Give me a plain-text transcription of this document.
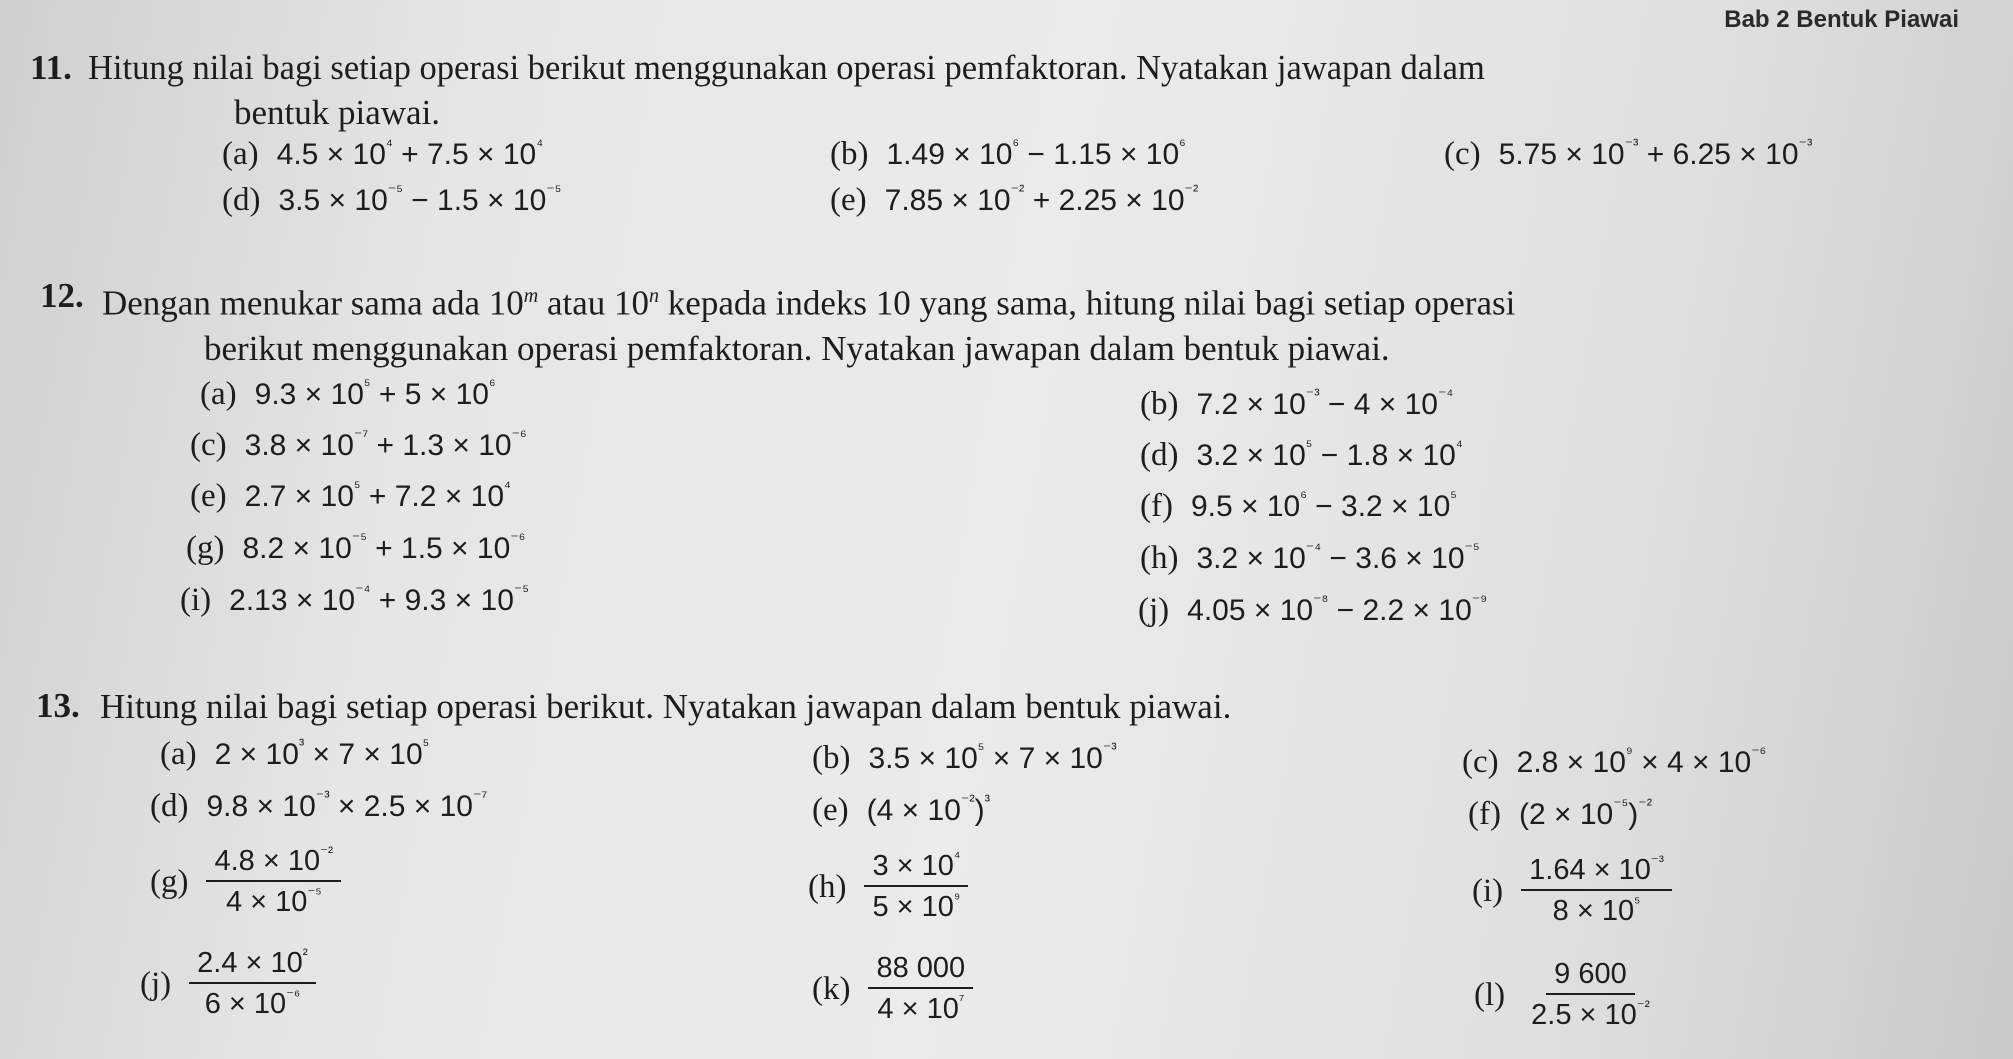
Bab 2 Bentuk Piawai
11. Hitung nilai bagi setiap operasi berikut menggunakan operasi pemfaktoran. Nyatakan jawapan dalam
bentuk piawai.
(a) $4.5 \times 10^{^4} + 7.5 \times 10^{^4}$	(b) $1.49 \times 10^{^6} - 1.15 \times 10^{^6}$	(c) $5.75 \times 10^{^{-3}} + 6.25 \times 10^{^{-3}}$
(d) $3.5 \times 10^{^{-5}} - 1.5 \times 10^{^{-5}}$	(e) $7.85 \times 10^{^{-2}} + 2.25 \times 10^{^{-2}}$
12. Dengan menukar sama ada 10$^m$ atau 10$^n$ kepada indeks 10 yang sama, hitung nilai bagi setiap operasi
berikut menggunakan operasi pemfaktoran. Nyatakan jawapan dalam bentuk piawai.
(a) $9.3 \times 10^{^5} + 5 \times 10^{^6}$
(b) $7.2 \times 10^{^{-3}} - 4 \times 10^{^{-4}}$
(c) $3.8 \times 10^{^{-7}} + 1.3 \times 10^{^{-6}}$
(d) $3.2 \times 10^{^5} - 1.8 \times 10^{^4}$
(e) $2.7 \times 10^{^5} + 7.2 \times 10^{^4}$
(f) $9.5 \times 10^{^6} - 3.2 \times 10^{^5}$
(g) $8.2 \times 10^{^{-5}} + 1.5 \times 10^{^{-6}}$
(h) $3.2 \times 10^{^{-4}} - 3.6 \times 10^{^{-5}}$
(i) $2.13 \times 10^{^{-4}} + 9.3 \times 10^{^{-5}}$
(j) $4.05 \times 10^{^{-8}} - 2.2 \times 10^{^{-9}}$
13. Hitung nilai bagi setiap operasi berikut. Nyatakan jawapan dalam bentuk piawai.
(a) $2 \times 10^{^3} \times 7 \times 10^{^5}$	(b) $3.5 \times 10^{^5} \times 7 \times 10^{^{-3}}$	(c) $2.8 \times 10^{^9} \times 4 \times 10^{^{-6}}$
(d) $9.8 \times 10^{^{-3}} \times 2.5 \times 10^{^{-7}}$	(e) $(4 \times 10^{^{-2}})^{^3}$	(f) $(2 \times 10^{^{-5}})^{^{-2}}$
$(g) \frac{4.8 \times 10^{^{-2}}}{4 \times 10^{^{-5}}}$	$(h) \frac{3 \times 10^{^4}}{5 \times 10^{^9}}$	$(i) \frac{1.64 \times 10^{^{-3}}}{8 \times 10^{^5}}$
$(j) \frac{2.4 \times 10^{^2}}{6 \times 10^{^{-6}}}$	$(k) \frac{88 000}{4 \times 10^{^7}}$	$(l) \frac{9 600}{2.5 \times 10^{^{-2}}}$
